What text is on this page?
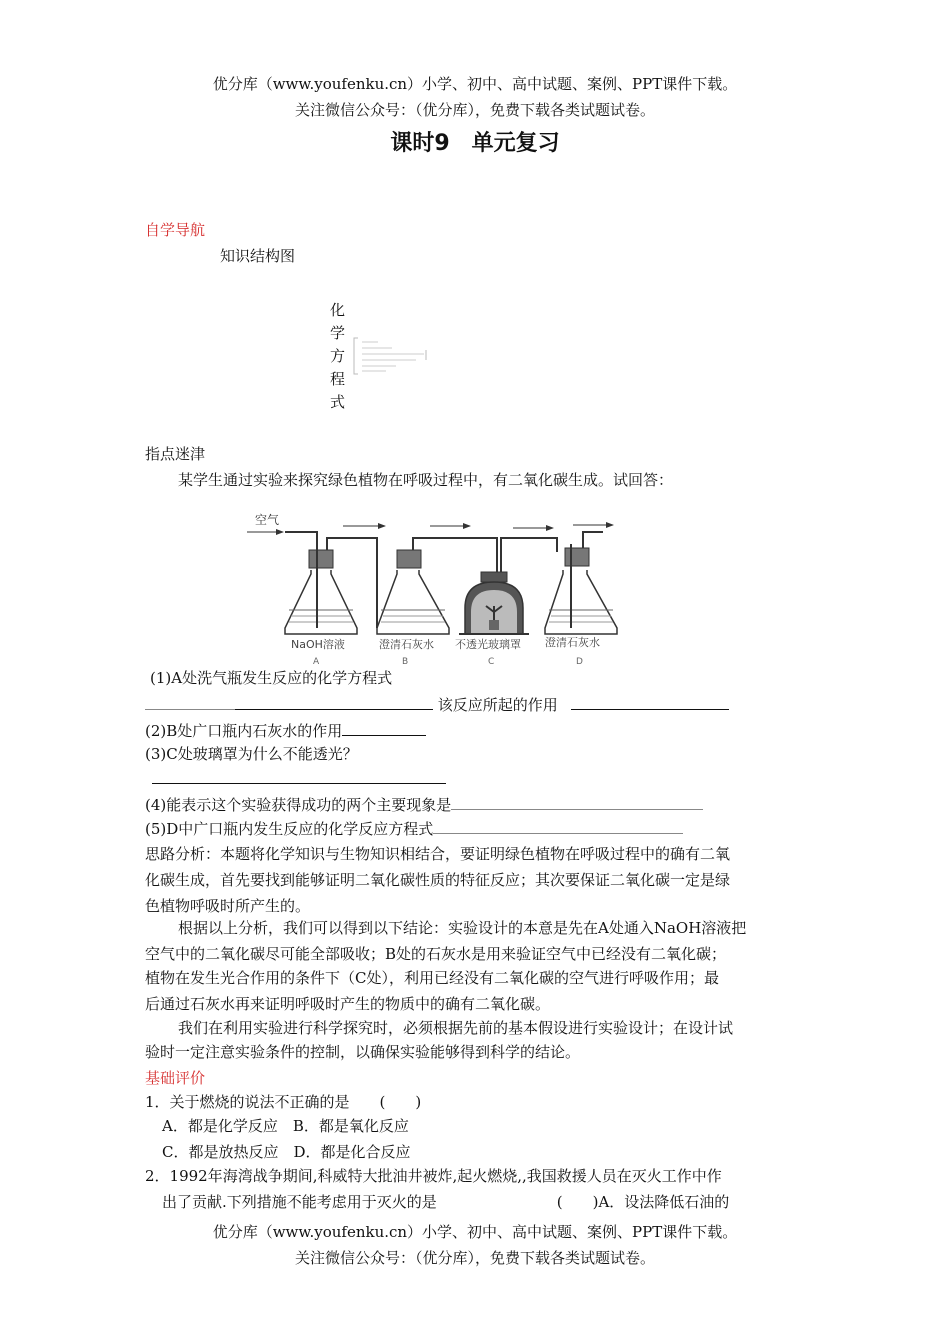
优分库（www.youfenku.cn）小学、初中、高中试题、案例、PPT课件下载。
关注微信公众号：（优分库），免费下载各类试题试卷。
课时9　单元复习
自学导航
知识结构图
化
学
方
程
式
指点迷津
某学生通过实验来探究绿色植物在呼吸过程中，有二氧化碳生成。试回答：
空气
NaOH溶液	澄清石灰水 不透光玻璃罩 澄清石灰水
A	B	C	D
(1)A处洗气瓶发生反应的化学方程式
该反应所起的作用
(2)B处广口瓶内石灰水的作用
(3)C处玻璃罩为什么不能透光？
(4)能表示这个实验获得成功的两个主要现象是
(5)D中广口瓶内发生反应的化学反应方程式
思路分析：本题将化学知识与生物知识相结合，要证明绿色植物在呼吸过程中的确有二氧
化碳生成，首先要找到能够证明二氧化碳性质的特征反应；其次要保证二氧化碳一定是绿
色植物呼吸时所产生的。
根据以上分析，我们可以得到以下结论：实验设计的本意是先在A处通入NaOH溶液把
空气中的二氧化碳尽可能全部吸收；B处的石灰水是用来验证空气中已经没有二氧化碳；
植物在发生光合作用的条件下（C处），利用已经没有二氧化碳的空气进行呼吸作用；最
后通过石灰水再来证明呼吸时产生的物质中的确有二氧化碳。
我们在利用实验进行科学探究时，必须根据先前的基本假设进行实验设计；在设计试
验时一定注意实验条件的控制，以确保实验能够得到科学的结论。
基础评价
1．关于燃烧的说法不正确的是　　(　　)
A．都是化学反应　B．都是氧化反应
C．都是放热反应　D．都是化合反应
2．1992年海湾战争期间,科威特大批油井被炸,起火燃烧,,我国救援人员在灭火工作中作
出了贡献.下列措施不能考虑用于灭火的是　　　　　　　　(　　)A．设法降低石油的
优分库（www.youfenku.cn）小学、初中、高中试题、案例、PPT课件下载。
关注微信公众号：（优分库），免费下载各类试题试卷。
